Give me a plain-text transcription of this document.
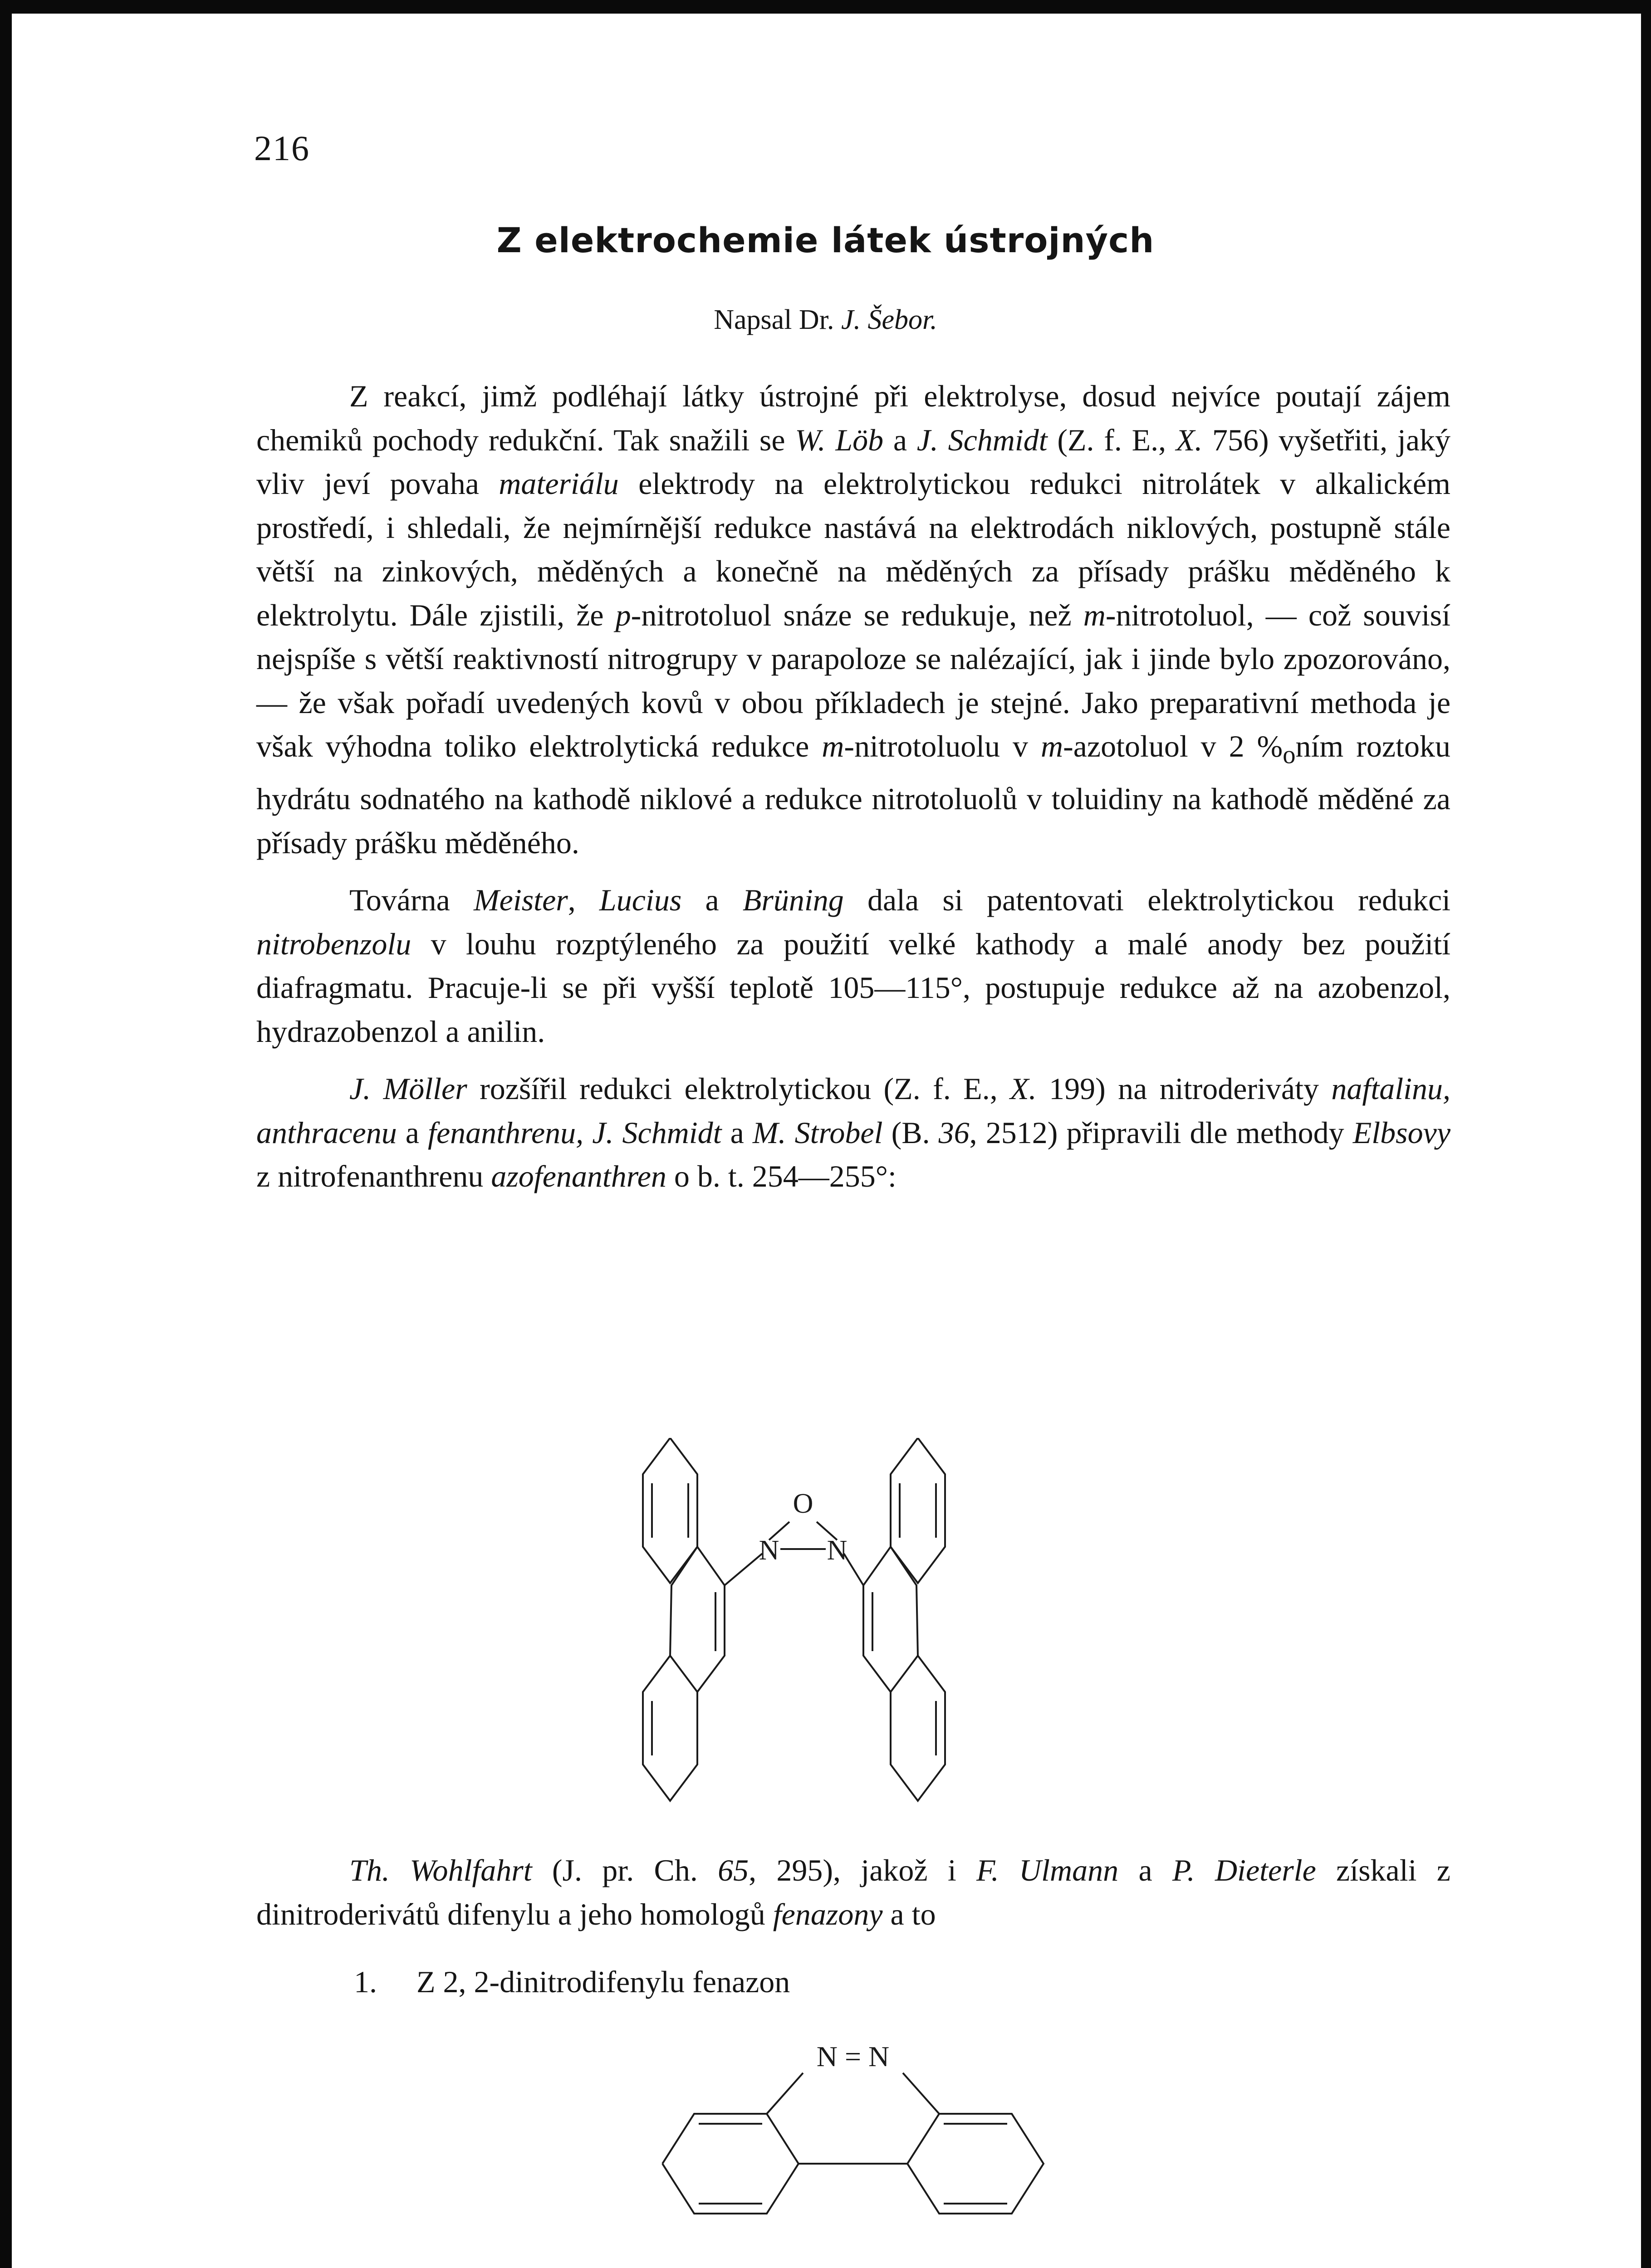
216
Z elektrochemie látek ústrojných
Napsal Dr. J. Šebor.

Z reakcí, jimž podléhají látky ústrojné při elektrolyse, dosud nejvíce poutají zájem chemiků pochody redukční. Tak snažili se W. Löb a J. Schmidt (Z. f. E., X. 756) vyšetřiti, jaký vliv jeví povaha materiálu elektrody na elektrolytickou redukci nitrolátek v alkalickém prostředí, i shledali, že nejmírnější redukce nastává na elektrodách niklových, postupně stále větší na zinkových, měděných a konečně na měděných za přísady prášku měděného k elektrolytu. Dále zjistili, že p-nitrotoluol snáze se redukuje, než m-nitrotoluol, — což souvisí nejspíše s větší reaktivností nitrogrupy v parapoloze se nalézající, jak i jinde bylo zpozorováno, — že však pořadí uvedených kovů v obou příkladech je stejné. Jako preparativní methoda je však výhodna toliko elektrolytická redukce m-nitrotoluolu v m-azotoluol v 2 $\%_oním$ roztoku hydrátu sodnatého na kathodě niklové a redukce nitrotoluolů v toluidiny na kathodě měděné za přísady prášku měděného.

Továrna Meister, Lucius a Brüning dala si patentovati elektrolytickou redukci nitrobenzolu v louhu rozptýleného za použití velké kathody a malé anody bez použití diafragmatu. Pracuje-li se při vyšší teplotě 105—115°, postupuje redukce až na azobenzol, hydrazobenzol a anilin.

J. Möller rozšířil redukci elektrolytickou (Z. f. E., X. 199) na nitroderiváty naftalinu, anthracenu a fenanthrenu, J. Schmidt a M. Strobel (B. 36, 2512) připravili dle methody Elbsovy z nitrofenanthrenu azofenanthren o b. t. 254—255°:

O
N N

Th. Wohlfahrt (J. pr. Ch. 65, 295), jakož i F. Ulmann a P. Dieterle získali z dinitroderivátů difenylu a jeho homologů fenazony a to

1. Z 2, 2-dinitrodifenylu fenazon
N = N
